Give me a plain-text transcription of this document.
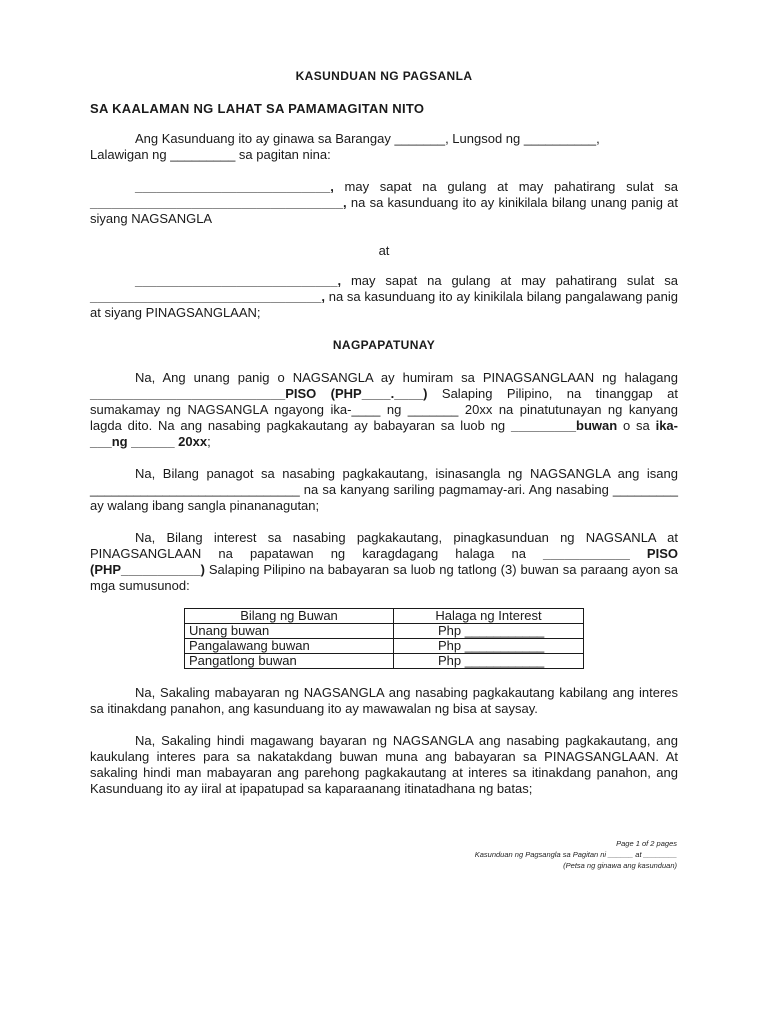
KASUNDUAN NG PAGSANLA
SA KAALAMAN NG LAHAT SA PAMAMAGITAN NITO

Ang Kasunduang ito ay ginawa sa Barangay _______, Lungsod ng __________,
Lalawigan ng _________ sa pagitan nina:

___________________________, may sapat na gulang at may pahatirang sulat sa ___________________________________, na sa kasunduang ito ay kinikilala bilang unang panig at siyang NAGSANGLA

at

____________________________, may sapat na gulang at may pahatirang sulat sa ________________________________, na sa kasunduang ito ay kinikilala bilang pangalawang panig at siyang PINAGSANGLAAN;

NAGPAPATUNAY

Na, Ang unang panig o NAGSANGLA ay humiram sa PINAGSANGLAAN ng halagang ___________________________PISO (PHP____.____) Salaping Pilipino, na tinanggap at sumakamay ng NAGSANGLA ngayong ika-____ ng _______ 20xx na pinatutunayan ng kanyang lagda dito. Na ang nasabing pagkakautang ay babayaran sa luob ng _________buwan o sa ika-___ng ______ 20xx;

Na, Bilang panagot sa nasabing pagkakautang, isinasangla ng NAGSANGLA ang isang _____________________________ na sa kanyang sariling pagmamay-ari. Ang nasabing _________ ay walang ibang sangla pinananagutan;

Na, Bilang interest sa nasabing pagkakautang, pinagkasunduan ng NAGSANLA at PINAGSANGLAAN na papatawan ng karagdagang halaga na ____________ PISO (PHP___________) Salaping Pilipino na babayaran sa luob ng tatlong (3) buwan sa paraang ayon sa mga sumusunod:

Bilang ng Buwan	Halaga ng Interest
Unang buwan	Php ___________
Pangalawang buwan	Php ___________
Pangatlong buwan	Php ___________

Na, Sakaling mabayaran ng NAGSANGLA ang nasabing pagkakautang kabilang ang interes sa itinakdang panahon, ang kasunduang ito ay mawawalan ng bisa at saysay.

Na, Sakaling hindi magawang bayaran ng NAGSANGLA ang nasabing pagkakautang, ang kaukulang interes para sa nakatakdang buwan muna ang babayaran sa PINAGSANGLAAN. At sakaling hindi man mabayaran ang parehong pagkakautang at interes sa itinakdang panahon, ang Kasunduang ito ay iiral at ipapatupad sa kaparaanang itinatadhana ng batas;

Page 1 of 2 pages
Kasunduan ng Pagsangla sa Pagitan ni ______ at ________
(Petsa ng ginawa ang kasunduan)
